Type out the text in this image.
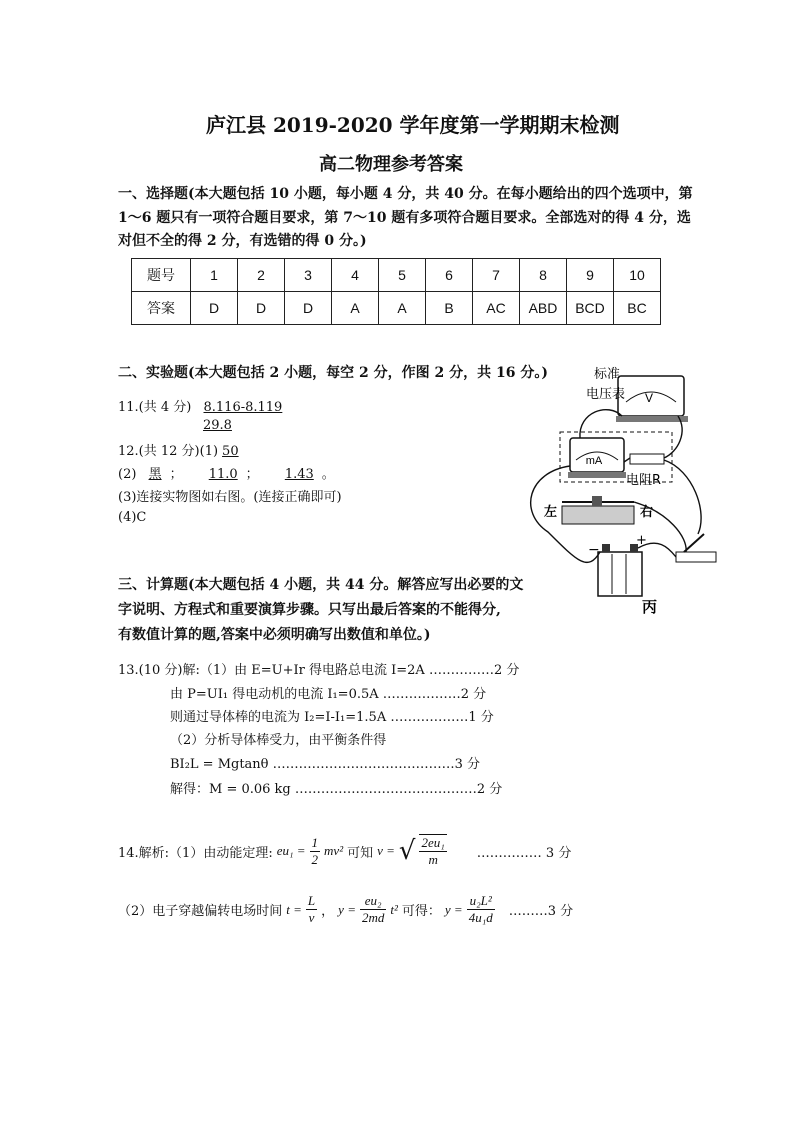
庐江县 2019-2020 学年度第一学期期末检测
高二物理参考答案
一、选择题(本大题包括 10 小题，每小题 4 分，共 40 分。在每小题给出的四个选项中，第
1～6 题只有一项符合题目要求，第 7～10 题有多项符合题目要求。全部选对的得 4 分，选
对但不全的得 2 分，有选错的得 0 分。)
题号	1	2	3	4	5	6	7	8	9	10
答案	D	D	D	A	A	B	AC	ABD	BCD	BC
二、实验题(本大题包括 2 小题，每空 2 分，作图 2 分，共 16 分。)
11.(共 4 分) 8.116-8.119
29.8
12.(共 12 分)(1) 50
(2) 黑 ； 11.0 ； 1.43 。
(3)连接实物图如右图。(连接正确即可)
(4)C
V
标准
电压表
mA
电阻R
左	右
−
+
丙
三、计算题(本大题包括 4 小题，共 44 分。解答应写出必要的文
字说明、方程式和重要演算步骤。只写出最后答案的不能得分,
有数值计算的题,答案中必须明确写出数值和单位。)
13.(10 分)解:（1）由 E=U+Ir 得电路总电流 I=2A ……………2 分
由 P=UI₁ 得电动机的电流 I₁=0.5A ………………2 分
则通过导体棒的电流为 I₂=I-I₁=1.5A ………………1 分
（2）分析导体棒受力，由平衡条件得
BI₂L = Mgtanθ ……………………………………3 分
解得：M = 0.06 kg ……………………………………2 分
14.解析:（1）由动能定理: $eu_1 = \frac{1}{2} mv^2$ 可知 v = √ $\frac{\text{2eu₁}}{m}$ …………… 3 分
（2）电子穿越偏转电场时间 $t = \frac{L}{v}$ ， $y = \frac{\text{eu₂}}{2md} t^2$ 可得： $y = \frac{\text{u₂L²}}{\text{4u₁d}}$ ………3 分
